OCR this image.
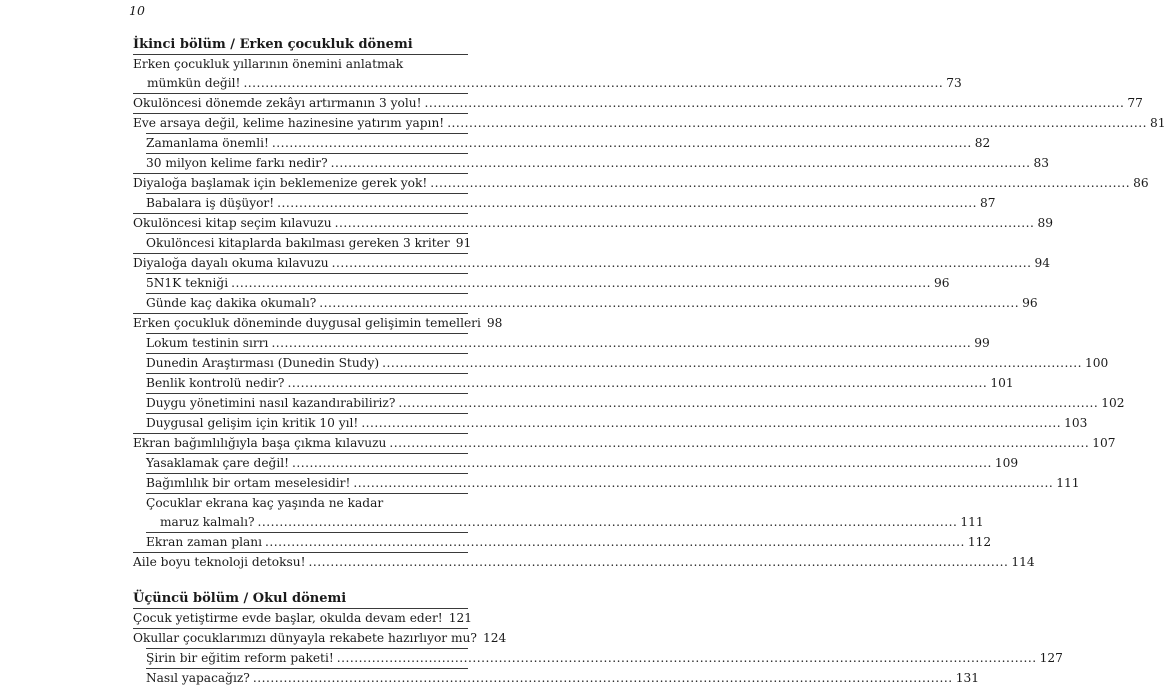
10
İkinci bölüm / Erken çocukluk dönemi
Erken çocukluk yıllarının önemini anlatmak
mümkün değil! .....	73
Okulöncesi dönemde zekâyı artırmanın 3 yolu! .....	77
Eve arsaya değil, kelime hazinesine yatırım yapın! .....	81
Zamanlama önemli! .....	82
30 milyon kelime farkı nedir? .....	83
Diyaloğa başlamak için beklemenize gerek yok! .....	86
Babalara iş düşüyor! .....	87
Okulöncesi kitap seçim kılavuzu .....	89
Okulöncesi kitaplarda bakılması gereken 3 kriter 91
Diyaloğa dayalı okuma kılavuzu .....	94
5N1K tekniği .....	96
Günde kaç dakika okumalı? .....	96
Erken çocukluk döneminde duygusal gelişimin temelleri 98
Lokum testinin sırrı .....	99
Dunedin Araştırması (Dunedin Study) .....	100
Benlik kontrolü nedir? .....	101
Duygu yönetimini nasıl kazandırabiliriz? .....	102
Duygusal gelişim için kritik 10 yıl! .....	103
Ekran bağımlılığıyla başa çıkma kılavuzu .....	107
Yasaklamak çare değil! .....	109
Bağımlılık bir ortam meselesidir! .....	111
Çocuklar ekrana kaç yaşında ne kadar
maruz kalmalı? .....	111
Ekran zaman planı .....	112
Aile boyu teknoloji detoksu! .....	114
Üçüncü bölüm / Okul dönemi
Çocuk yetiştirme evde başlar, okulda devam eder! 121
Okullar çocuklarımızı dünyayla rekabete hazırlıyor mu? 124
Şirin bir eğitim reform paketi! .....	127
Nasıl yapacağız? .....	131
